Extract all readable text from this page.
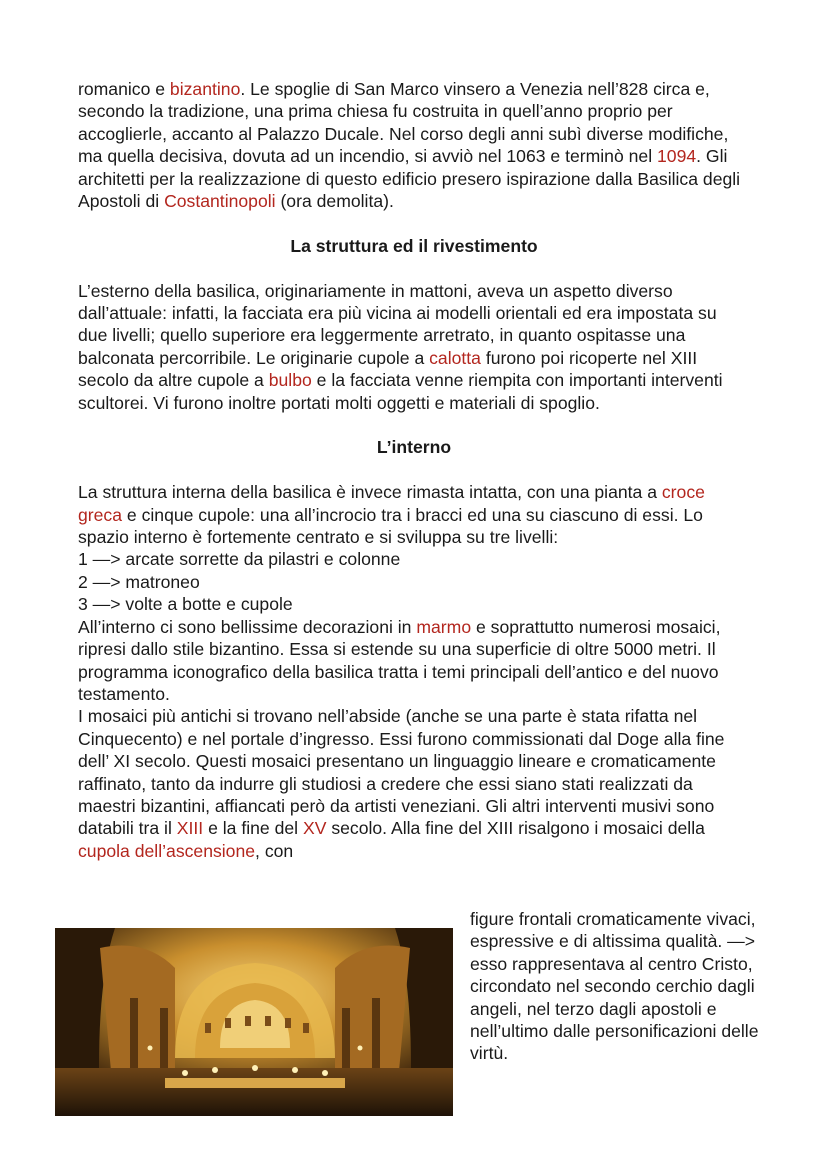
romanico e bizantino. Le spoglie di San Marco vinsero a Venezia nell’828 circa e, secondo la tradizione, una prima chiesa fu costruita in quell’anno proprio per accoglierle, accanto al Palazzo Ducale. Nel corso degli anni subì diverse modifiche, ma quella decisiva, dovuta ad un incendio, si avviò nel 1063 e terminò nel 1094. Gli architetti per la realizzazione di questo edificio presero ispirazione dalla Basilica degli Apostoli di Costantinopoli (ora demolita).

La struttura ed il rivestimento

L’esterno della basilica, originariamente in mattoni, aveva un aspetto diverso dall’attuale: infatti, la facciata era più vicina ai modelli orientali ed era impostata su due livelli; quello superiore era leggermente arretrato, in quanto ospitasse una balconata percorribile. Le originarie cupole a calotta furono poi ricoperte nel XIII secolo da altre cupole a bulbo e la facciata venne riempita con importanti interventi scultorei. Vi furono inoltre portati molti oggetti e materiali di spoglio.

L’interno

La struttura interna della basilica è invece rimasta intatta, con una pianta a croce greca e cinque cupole: una all’incrocio tra i bracci ed una su ciascuno di essi. Lo spazio interno è fortemente centrato e si sviluppa su tre livelli:

1 —> arcate sorrette da pilastri e colonne

2 —> matroneo

3 —> volte a botte e cupole

All’interno ci sono bellissime decorazioni in marmo e soprattutto numerosi mosaici, ripresi dallo stile bizantino. Essa si estende su una superficie di oltre 5000 metri. Il programma iconografico della basilica tratta i temi principali dell’antico e del nuovo testamento.

I mosaici più antichi si trovano nell’abside (anche se una parte è stata rifatta nel Cinquecento) e nel portale d’ingresso. Essi furono commissionati dal Doge alla fine dell’ XI secolo. Questi mosaici presentano un linguaggio lineare e cromaticamente raffinato, tanto da indurre gli studiosi a credere che essi siano stati realizzati da maestri bizantini, affiancati però da artisti veneziani. Gli altri interventi musivi sono databili tra il XIII e la fine del XV secolo. Alla fine del XIII risalgono i mosaici della cupola dell’ascensione, con

figure frontali cromaticamente vivaci, espressive e di altissima qualità. —> esso rappresentava al centro Cristo, circondato nel secondo cerchio dagli angeli, nel terzo dagli apostoli e nell’ultimo dalle personificazioni delle virtù.
